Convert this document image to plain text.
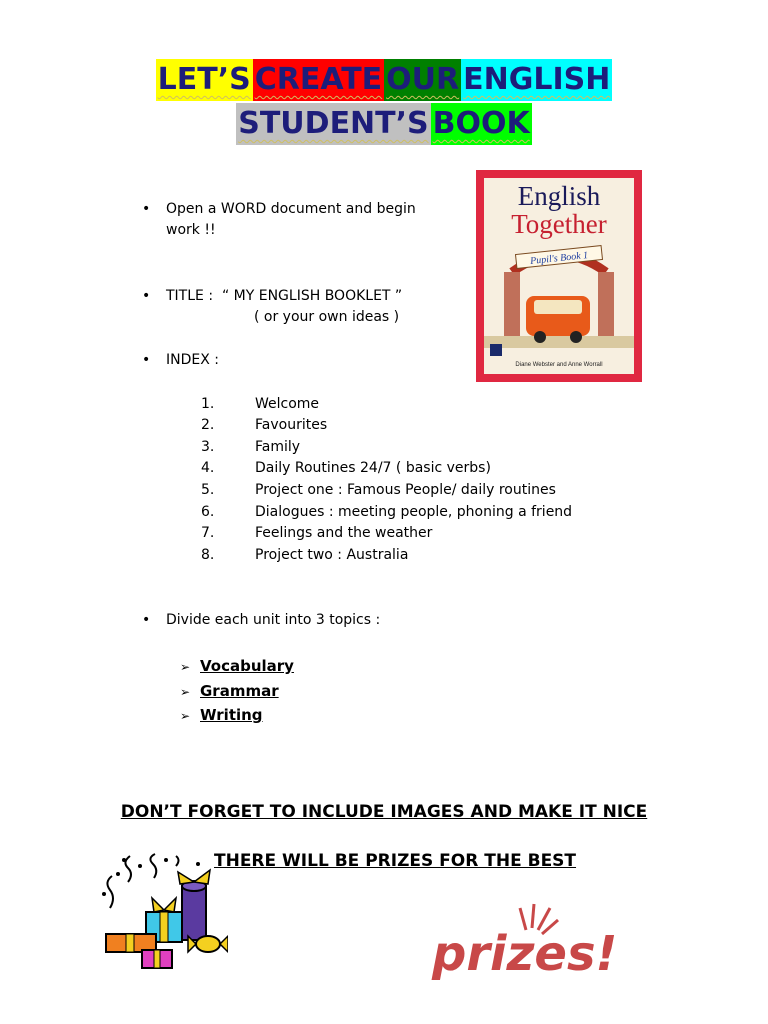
LET’SCREATEOURENGLISH
STUDENT’SBOOK
• Open a WORD document and begin
work !!
• TITLE :  “ MY ENGLISH BOOKLET ”
( or your own ideas )
• INDEX :
1.	Welcome
2.	Favourites
3.	Family
4.	Daily Routines 24/7 ( basic verbs)
5.	Project one : Famous People/ daily routines
6.	Dialogues : meeting people, phoning a friend
7.	Feelings and the weather
8.	Project two : Australia
• Divide each unit into 3 topics :
➢ Vocabulary
➢ Grammar
➢ Writing
DON’T FORGET TO INCLUDE IMAGES AND MAKE IT NICE
THERE WILL BE PRIZES FOR THE BEST
English
Together
Pupil's Book 1
Diane Webster and Anne Worrall
prizes!
